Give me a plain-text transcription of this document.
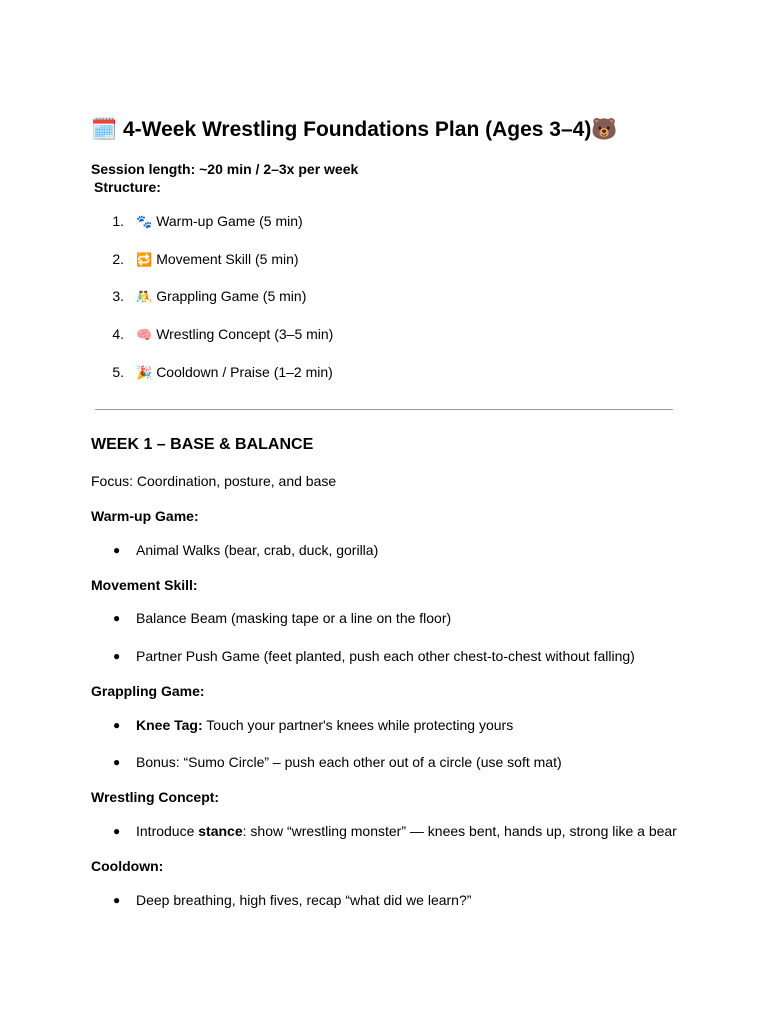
🗓️ 4-Week Wrestling Foundations Plan (Ages 3–4)🐻
Session length: ~20 min / 2–3x per week
Structure:
1. 🐾 Warm-up Game (5 min)
2. 🔁 Movement Skill (5 min)
3. 🤼 Grappling Game (5 min)
4. 🧠 Wrestling Concept (3–5 min)
5. 🎉 Cooldown / Praise (1–2 min)
WEEK 1 – BASE & BALANCE
Focus: Coordination, posture, and base
Warm-up Game:
● Animal Walks (bear, crab, duck, gorilla)
Movement Skill:
● Balance Beam (masking tape or a line on the floor)
● Partner Push Game (feet planted, push each other chest-to-chest without falling)
Grappling Game:
● Knee Tag: Touch your partner's knees while protecting yours
● Bonus: “Sumo Circle” – push each other out of a circle (use soft mat)
Wrestling Concept:
● Introduce stance: show “wrestling monster” — knees bent, hands up, strong like a bear
Cooldown:
● Deep breathing, high fives, recap “what did we learn?”
